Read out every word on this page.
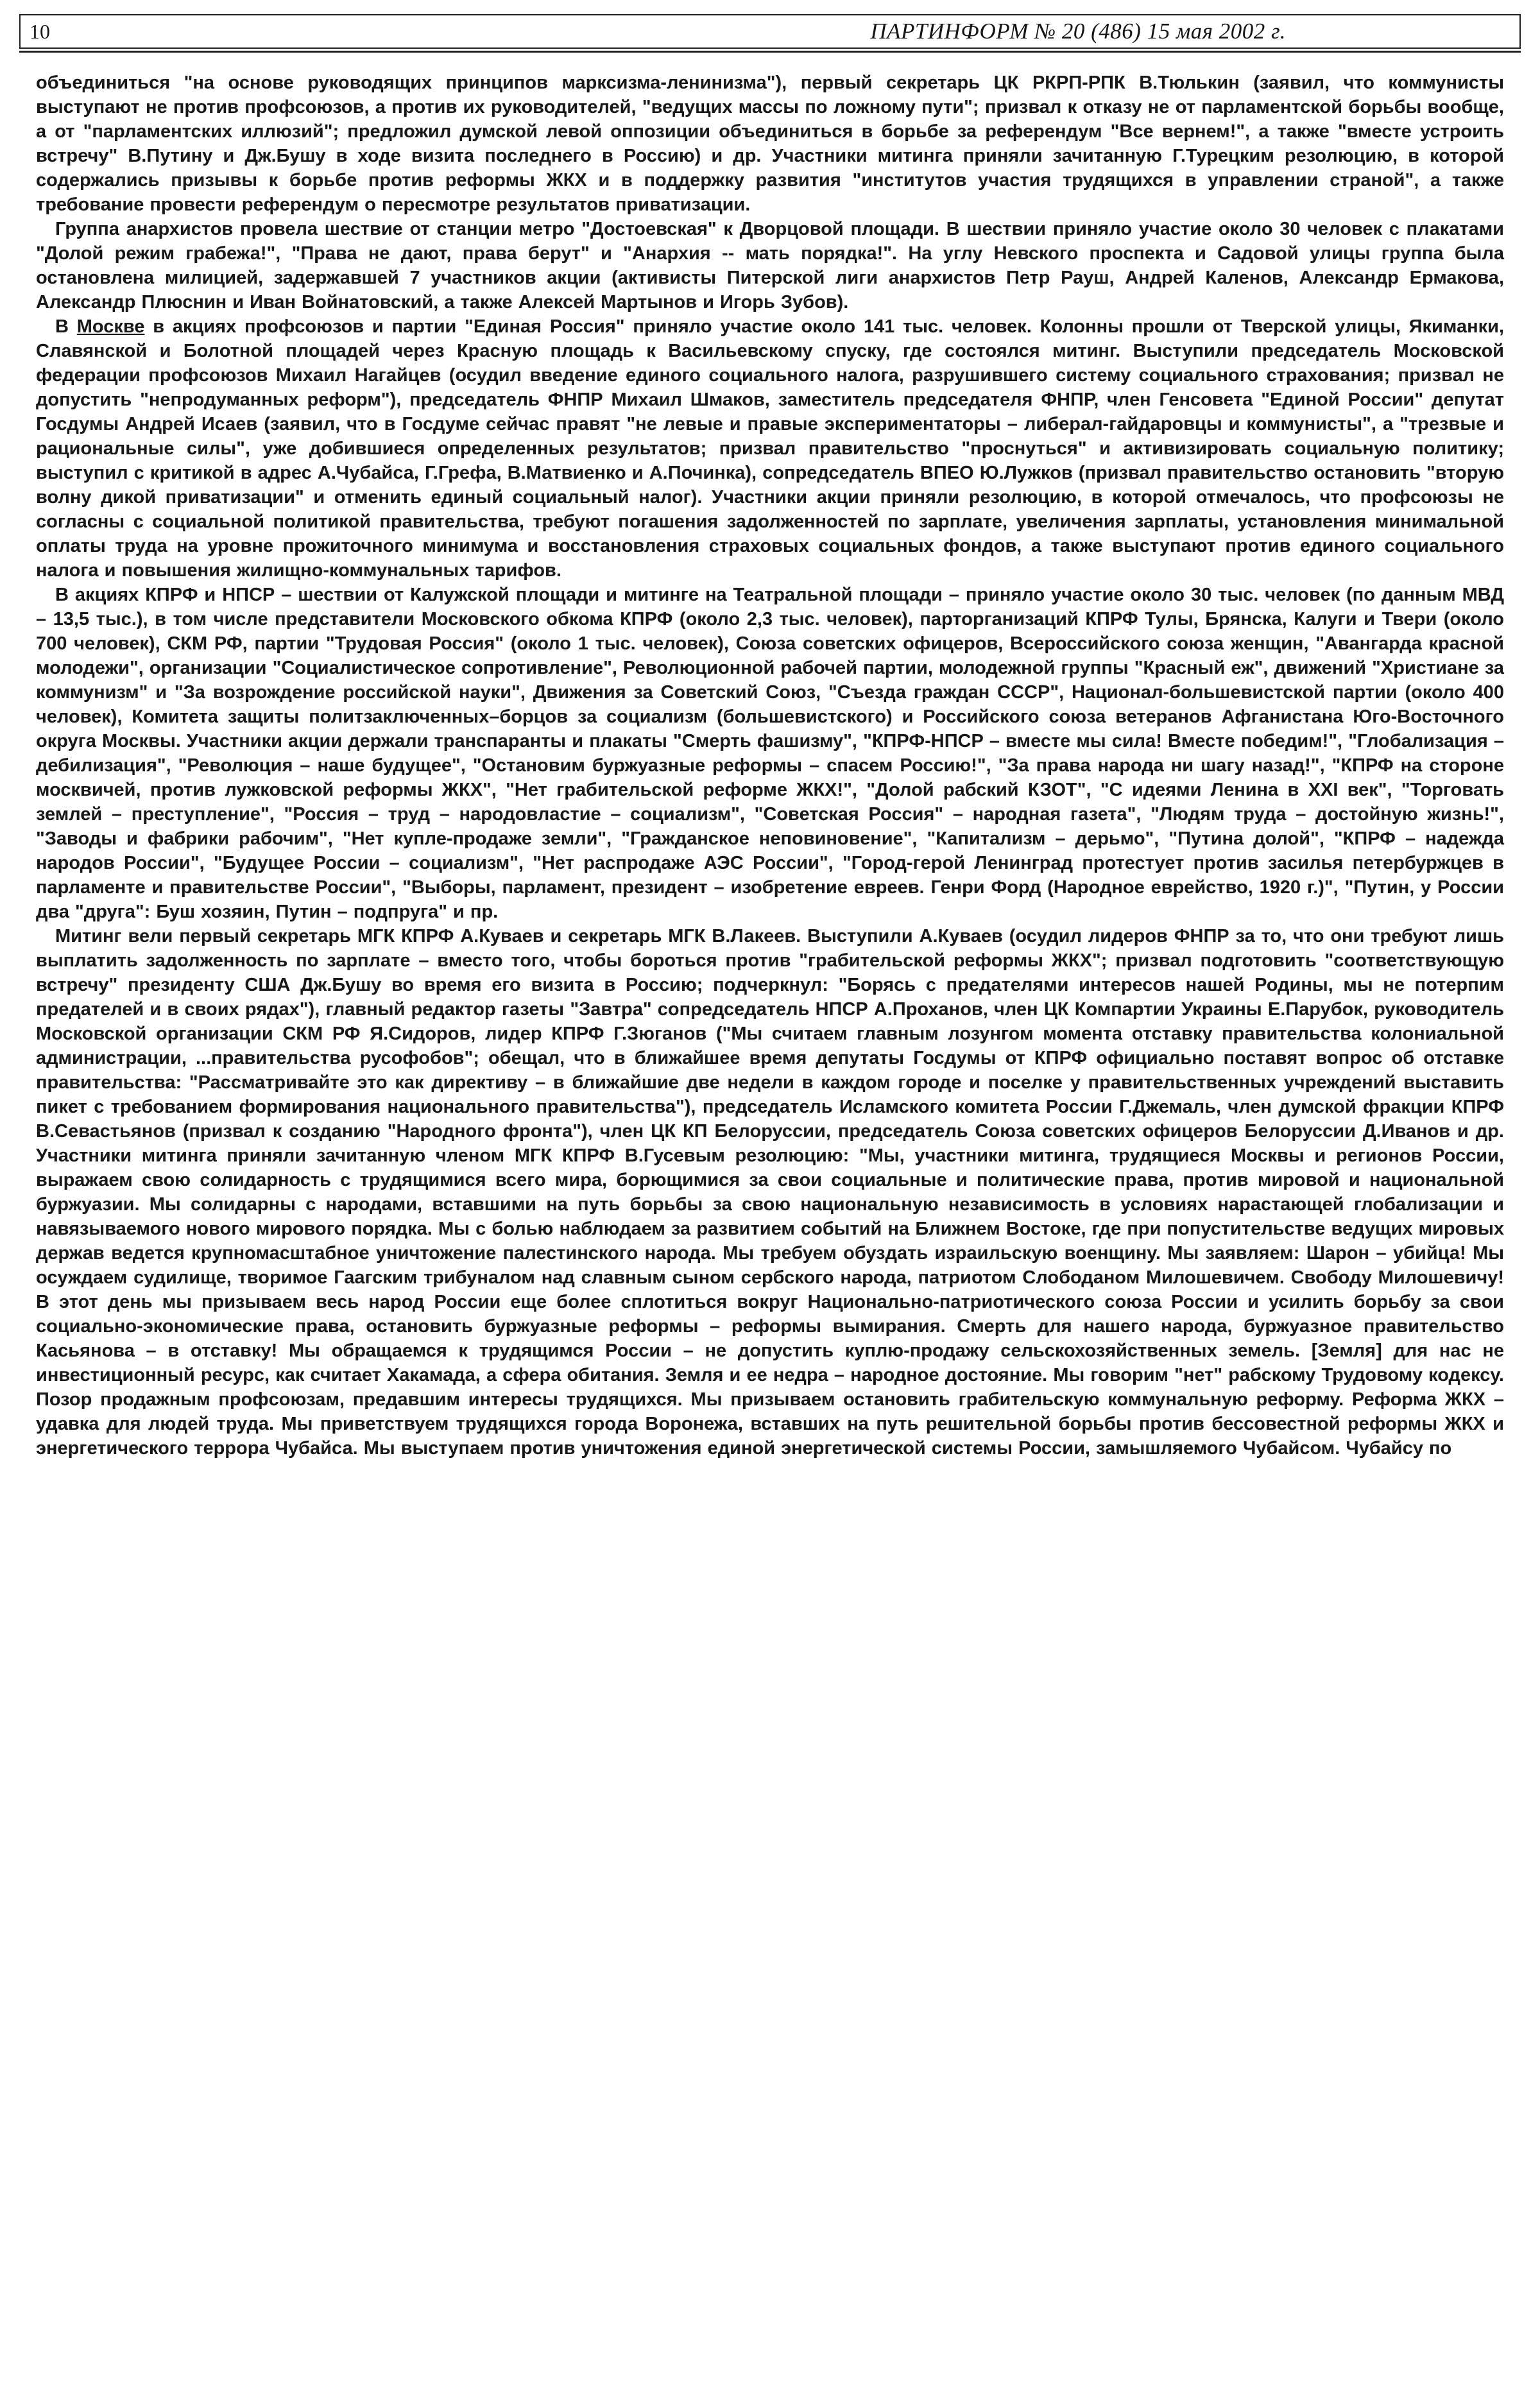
10	ПАРТИНФОРМ № 20 (486) 15 мая 2002 г.

объединиться "на основе руководящих принципов марксизма-ленинизма"), первый секретарь ЦК РКРП-РПК В.Тюлькин (заявил, что коммунисты выступают не против профсоюзов, а против их руководителей, "ведущих массы по ложному пути"; призвал к отказу не от парламентской борьбы вообще, а от "парламентских иллюзий"; предложил думской левой оппозиции объединиться в борьбе за референдум "Все вернем!", а также "вместе устроить встречу" В.Путину и Дж.Бушу в ходе визита последнего в Россию) и др. Участники митинга приняли зачитанную Г.Турецким резолюцию, в которой содержались призывы к борьбе против реформы ЖКХ и в поддержку развития "институтов участия трудящихся в управлении страной", а также требование провести референдум о пересмотре результатов приватизации.

Группа анархистов провела шествие от станции метро "Достоевская" к Дворцовой площади. В шествии приняло участие около 30 человек с плакатами "Долой режим грабежа!", "Права не дают, права берут" и "Анархия -- мать порядка!". На углу Невского проспекта и Садовой улицы группа была остановлена милицией, задержавшей 7 участников акции (активисты Питерской лиги анархистов Петр Рауш, Андрей Каленов, Александр Ермакова, Александр Плюснин и Иван Войнатовский, а также Алексей Мартынов и Игорь Зубов).

В Москве в акциях профсоюзов и партии "Единая Россия" приняло участие около 141 тыс. человек. Колонны прошли от Тверской улицы, Якиманки, Славянской и Болотной площадей через Красную площадь к Васильевскому спуску, где состоялся митинг. Выступили председатель Московской федерации профсоюзов Михаил Нагайцев (осудил введение единого социального налога, разрушившего систему социального страхования; призвал не допустить "непродуманных реформ"), председатель ФНПР Михаил Шмаков, заместитель председателя ФНПР, член Генсовета "Единой России" депутат Госдумы Андрей Исаев (заявил, что в Госдуме сейчас правят "не левые и правые экспериментаторы – либерал-гайдаровцы и коммунисты", а "трезвые и рациональные силы", уже добившиеся определенных результатов; призвал правительство "проснуться" и активизировать социальную политику; выступил с критикой в адрес А.Чубайса, Г.Грефа, В.Матвиенко и А.Починка), сопредседатель ВПЕО Ю.Лужков (призвал правительство остановить "вторую волну дикой приватизации" и отменить единый социальный налог). Участники акции приняли резолюцию, в которой отмечалось, что профсоюзы не согласны с социальной политикой правительства, требуют погашения задолженностей по зарплате, увеличения зарплаты, установления минимальной оплаты труда на уровне прожиточного минимума и восстановления страховых социальных фондов, а также выступают против единого социального налога и повышения жилищно-коммунальных тарифов.

В акциях КПРФ и НПСР – шествии от Калужской площади и митинге на Театральной площади – приняло участие около 30 тыс. человек (по данным МВД – 13,5 тыс.), в том числе представители Московского обкома КПРФ (около 2,3 тыс. человек), парторганизаций КПРФ Тулы, Брянска, Калуги и Твери (около 700 человек), СКМ РФ, партии "Трудовая Россия" (около 1 тыс. человек), Союза советских офицеров, Всероссийского союза женщин, "Авангарда красной молодежи", организации "Социалистическое сопротивление", Революционной рабочей партии, молодежной группы "Красный еж", движений "Христиане за коммунизм" и "За возрождение российской науки", Движения за Советский Союз, "Съезда граждан СССР", Национал-большевистской партии (около 400 человек), Комитета защиты политзаключенных–борцов за социализм (большевистского) и Российского союза ветеранов Афганистана Юго-Восточного округа Москвы. Участники акции держали транспаранты и плакаты "Смерть фашизму", "КПРФ-НПСР – вместе мы сила! Вместе победим!", "Глобализация – дебилизация", "Революция – наше будущее", "Остановим буржуазные реформы – спасем Россию!", "За права народа ни шагу назад!", "КПРФ на стороне москвичей, против лужковской реформы ЖКХ", "Нет грабительской реформе ЖКХ!", "Долой рабский КЗОТ", "С идеями Ленина в XXI век", "Торговать землей – преступление", "Россия – труд – народовластие – социализм", "Советская Россия" – народная газета", "Людям труда – достойную жизнь!", "Заводы и фабрики рабочим", "Нет купле-продаже земли", "Гражданское неповиновение", "Капитализм – дерьмо", "Путина долой", "КПРФ – надежда народов России", "Будущее России – социализм", "Нет распродаже АЭС России", "Город-герой Ленинград протестует против засилья петербуржцев в парламенте и правительстве России", "Выборы, парламент, президент – изобретение евреев. Генри Форд (Народное еврейство, 1920 г.)", "Путин, у России два "друга": Буш хозяин, Путин – подпруга" и пр.

Митинг вели первый секретарь МГК КПРФ А.Куваев и секретарь МГК В.Лакеев. Выступили А.Куваев (осудил лидеров ФНПР за то, что они требуют лишь выплатить задолженность по зарплате – вместо того, чтобы бороться против "грабительской реформы ЖКХ"; призвал подготовить "соответствующую встречу" президенту США Дж.Бушу во время его визита в Россию; подчеркнул: "Борясь с предателями интересов нашей Родины, мы не потерпим предателей и в своих рядах"), главный редактор газеты "Завтра" сопредседатель НПСР А.Проханов, член ЦК Компартии Украины Е.Парубок, руководитель Московской организации СКМ РФ Я.Сидоров, лидер КПРФ Г.Зюганов ("Мы считаем главным лозунгом момента отставку правительства колониальной администрации, ...правительства русофобов"; обещал, что в ближайшее время депутаты Госдумы от КПРФ официально поставят вопрос об отставке правительства: "Рассматривайте это как директиву – в ближайшие две недели в каждом городе и поселке у правительственных учреждений выставить пикет с требованием формирования национального правительства"), председатель Исламского комитета России Г.Джемаль, член думской фракции КПРФ В.Севастьянов (призвал к созданию "Народного фронта"), член ЦК КП Белоруссии, председатель Союза советских офицеров Белоруссии Д.Иванов и др. Участники митинга приняли зачитанную членом МГК КПРФ В.Гусевым резолюцию: "Мы, участники митинга, трудящиеся Москвы и регионов России, выражаем свою солидарность с трудящимися всего мира, борющимися за свои социальные и политические права, против мировой и национальной буржуазии. Мы солидарны с народами, вставшими на путь борьбы за свою национальную независимость в условиях нарастающей глобализации и навязываемого нового мирового порядка. Мы с болью наблюдаем за развитием событий на Ближнем Востоке, где при попустительстве ведущих мировых держав ведется крупномасштабное уничтожение палестинского народа. Мы требуем обуздать израильскую военщину. Мы заявляем: Шарон – убийца! Мы осуждаем судилище, творимое Гаагским трибуналом над славным сыном сербского народа, патриотом Слободаном Милошевичем. Свободу Милошевичу! В этот день мы призываем весь народ России еще более сплотиться вокруг Национально-патриотического союза России и усилить борьбу за свои социально-экономические права, остановить буржуазные реформы – реформы вымирания. Смерть для нашего народа, буржуазное правительство Касьянова – в отставку! Мы обращаемся к трудящимся России – не допустить куплю-продажу сельскохозяйственных земель. [Земля] для нас не инвестиционный ресурс, как считает Хакамада, а сфера обитания. Земля и ее недра – народное достояние. Мы говорим "нет" рабскому Трудовому кодексу. Позор продажным профсоюзам, предавшим интересы трудящихся. Мы призываем остановить грабительскую коммунальную реформу. Реформа ЖКХ – удавка для людей труда. Мы приветствуем трудящихся города Воронежа, вставших на путь решительной борьбы против бессовестной реформы ЖКХ и энергетического террора Чубайса. Мы выступаем против уничтожения единой энергетической системы России, замышляемого Чубайсом. Чубайсу по
